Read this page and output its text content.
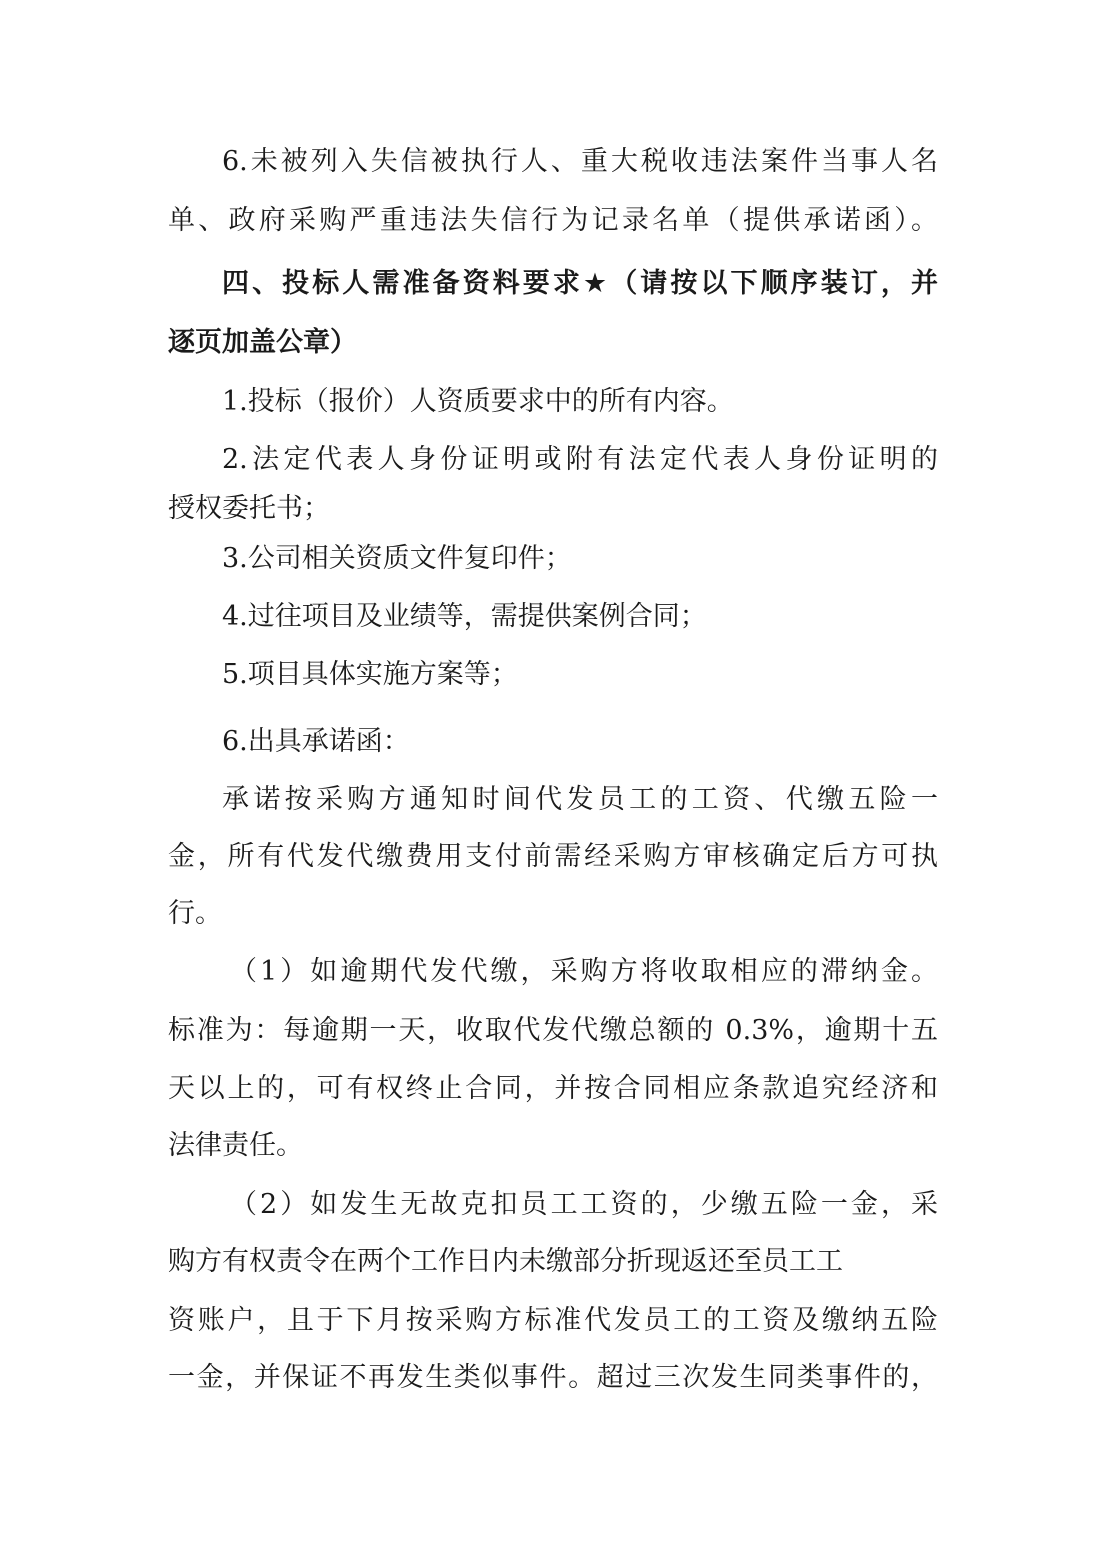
6.未被列入失信被执行人、重大税收违法案件当事人名
单、政府采购严重违法失信行为记录名单（提供承诺函）。
四、投标人需准备资料要求★（请按以下顺序装订，并
逐页加盖公章）
1.投标（报价）人资质要求中的所有内容。
2.法定代表人身份证明或附有法定代表人身份证明的
授权委托书；
3.公司相关资质文件复印件；
4.过往项目及业绩等，需提供案例合同；
5.项目具体实施方案等；
6.出具承诺函：
承诺按采购方通知时间代发员工的工资、代缴五险一
金，所有代发代缴费用支付前需经采购方审核确定后方可执
行。
（1）如逾期代发代缴，采购方将收取相应的滞纳金。
标准为：每逾期一天，收取代发代缴总额的 0.3%，逾期十五
天以上的，可有权终止合同，并按合同相应条款追究经济和
法律责任。
（2）如发生无故克扣员工工资的，少缴五险一金，采
购方有权责令在两个工作日内未缴部分折现返还至员工工
资账户，且于下月按采购方标准代发员工的工资及缴纳五险
一金，并保证不再发生类似事件。超过三次发生同类事件的，
